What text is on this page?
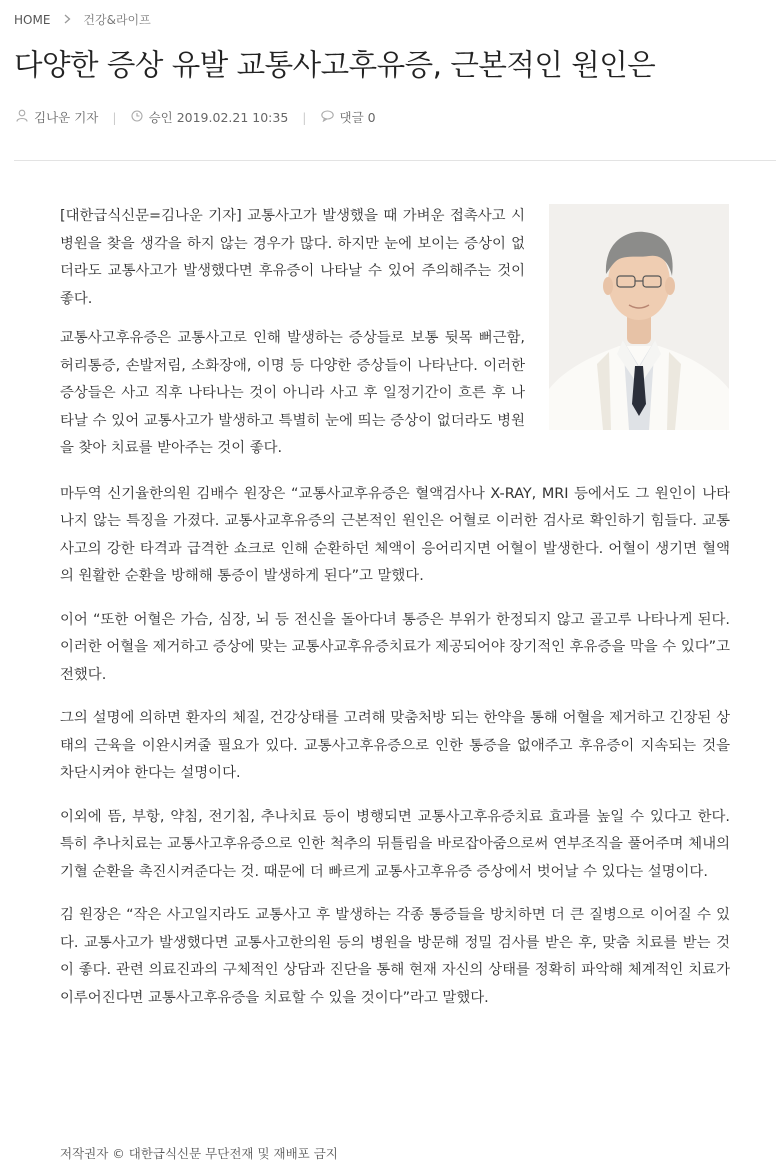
HOME	건강&라이프
다양한 증상 유발 교통사고후유증, 근본적인 원인은
김나운 기자 |	승인 2019.02.21 10:35 |	댓글 0

[대한급식신문=김나운 기자] 교통사고가 발생했을 때 가벼운 접촉사고 시 병원을 찾을 생각을 하지 않는 경우가 많다. 하지만 눈에 보이는 증상이 없더라도 교통사고가 발생했다면 후유증이 나타날 수 있어 주의해주는 것이 좋다.

교통사고후유증은 교통사고로 인해 발생하는 증상들로 보통 뒷목 뻐근함, 허리통증, 손발저림, 소화장애, 이명 등 다양한 증상들이 나타난다. 이러한 증상들은 사고 직후 나타나는 것이 아니라 사고 후 일정기간이 흐른 후 나타날 수 있어 교통사고가 발생하고 특별히 눈에 띄는 증상이 없더라도 병원을 찾아 치료를 받아주는 것이 좋다.

마두역 신기율한의원 김배수 원장은 “교통사교후유증은 혈액검사나 X-RAY, MRI 등에서도 그 원인이 나타나지 않는 특징을 가졌다. 교통사교후유증의 근본적인 원인은 어혈로 이러한 검사로 확인하기 힘들다. 교통사고의 강한 타격과 급격한 쇼크로 인해 순환하던 체액이 응어리지면 어혈이 발생한다. 어혈이 생기면 혈액의 원활한 순환을 방해해 통증이 발생하게 된다”고 말했다.

이어 “또한 어혈은 가슴, 심장, 뇌 등 전신을 돌아다녀 통증은 부위가 한정되지 않고 골고루 나타나게 된다. 이러한 어혈을 제거하고 증상에 맞는 교통사교후유증치료가 제공되어야 장기적인 후유증을 막을 수 있다”고 전했다.

그의 설명에 의하면 환자의 체질, 건강상태를 고려해 맞춤처방 되는 한약을 통해 어혈을 제거하고 긴장된 상태의 근육을 이완시켜줄 필요가 있다. 교통사고후유증으로 인한 통증을 없애주고 후유증이 지속되는 것을 차단시켜야 한다는 설명이다.

이외에 뜸, 부항, 약침, 전기침, 추나치료 등이 병행되면 교통사고후유증치료 효과를 높일 수 있다고 한다. 특히 추나치료는 교통사고후유증으로 인한 척추의 뒤틀림을 바로잡아줌으로써 연부조직을 풀어주며 체내의 기혈 순환을 촉진시켜준다는 것. 때문에 더 빠르게 교통사고후유증 증상에서 벗어날 수 있다는 설명이다.

김 원장은 “작은 사고일지라도 교통사고 후 발생하는 각종 통증들을 방치하면 더 큰 질병으로 이어질 수 있다. 교통사고가 발생했다면 교통사고한의원 등의 병원을 방문해 정밀 검사를 받은 후, 맞춤 치료를 받는 것이 좋다. 관련 의료진과의 구체적인 상담과 진단을 통해 현재 자신의 상태를 정확히 파악해 체계적인 치료가 이루어진다면 교통사고후유증을 치료할 수 있을 것이다”라고 말했다.

저작권자 © 대한급식신문 무단전재 및 재배포 금지
